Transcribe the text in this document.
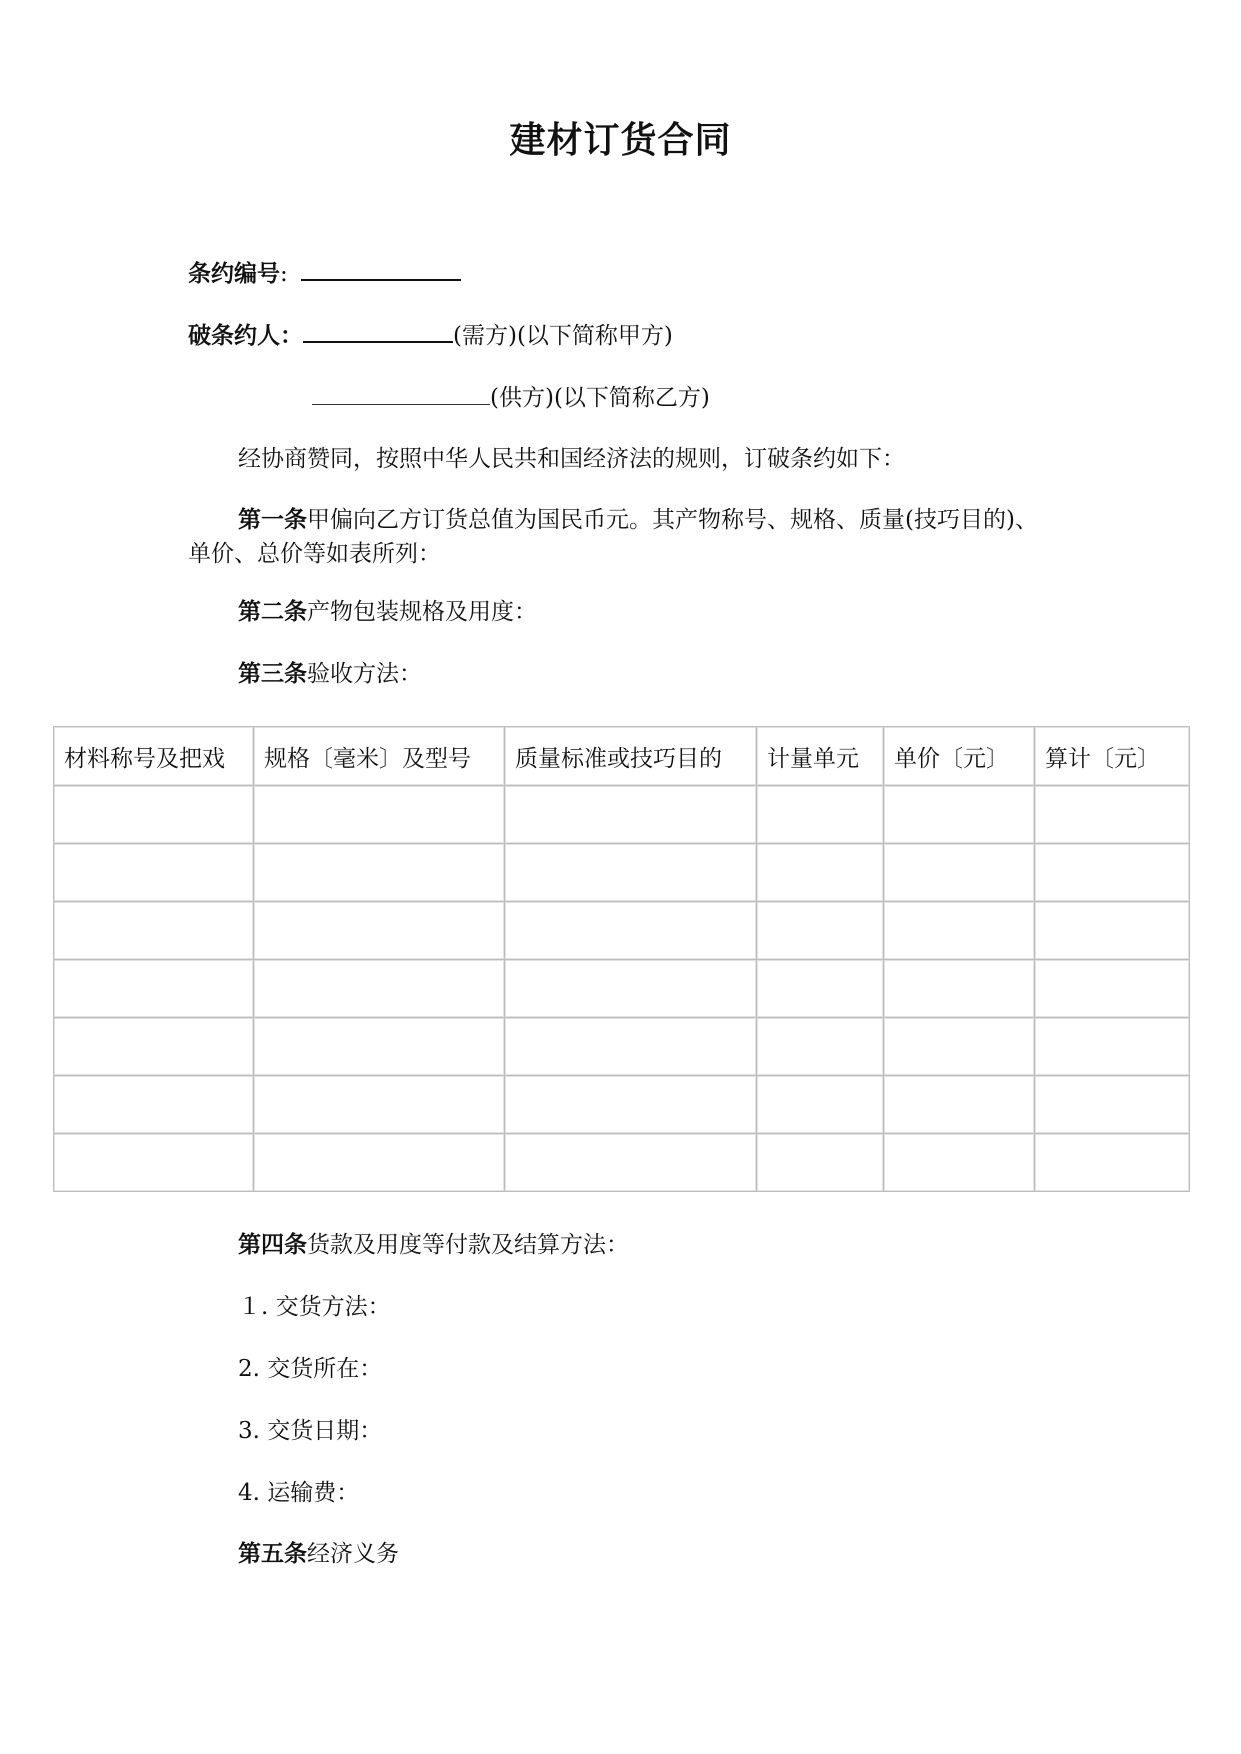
建材订货合同
条约编号:
破条约人：	(需方)(以下简称甲方)
(供方)(以下简称乙方)
经协商赞同，按照中华人民共和国经济法的规则，订破条约如下：
第一条甲偏向乙方订货总值为国民币元。其产物称号、规格、质量(技巧目的)、单价、总价等如表所列：
第二条产物包装规格及用度：
第三条验收方法：
材料称号及把戏	规格〔毫米〕及型号	质量标准或技巧目的	计量单元	单价〔元〕	算计〔元〕

第四条货款及用度等付款及结算方法：
１. 交货方法：
2. 交货所在：
3. 交货日期：
4. 运输费：
第五条经济义务
